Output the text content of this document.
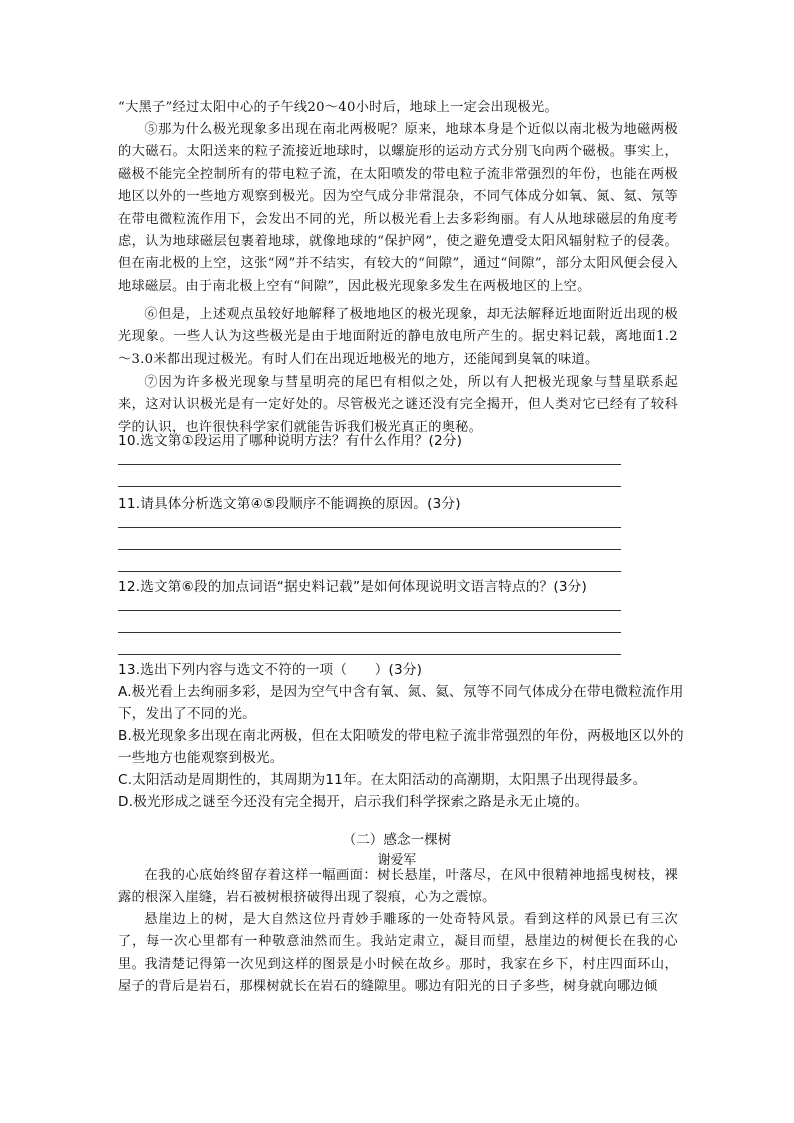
“大黑子”经过太阳中心的子午线20～40小时后，地球上一定会出现极光。

⑤那为什么极光现象多出现在南北两极呢？原来，地球本身是个近似以南北极为地磁两极的大磁石。太阳送来的粒子流接近地球时，以螺旋形的运动方式分别飞向两个磁极。事实上，磁极不能完全控制所有的带电粒子流，在太阳喷发的带电粒子流非常强烈的年份，也能在两极地区以外的一些地方观察到极光。因为空气成分非常混杂，不同气体成分如氧、氮、氦、氖等在带电微粒流作用下，会发出不同的光，所以极光看上去多彩绚丽。有人从地球磁层的角度考虑，认为地球磁层包裹着地球，就像地球的“保护网”，使之避免遭受太阳风辐射粒子的侵袭。但在南北极的上空，这张“网”并不结实，有较大的“间隙”，通过“间隙”，部分太阳风便会侵入地球磁层。由于南北极上空有“间隙”，因此极光现象多发生在两极地区的上空。

⑥但是，上述观点虽较好地解释了极地地区的极光现象，却无法解释近地面附近出现的极光现象。一些人认为这些极光是由于地面附近的静电放电所产生的。据史料记载，离地面1.2～3.0米都出现过极光。有时人们在出现近地极光的地方，还能闻到臭氧的味道。

⑦因为许多极光现象与彗星明亮的尾巴有相似之处，所以有人把极光现象与彗星联系起来，这对认识极光是有一定好处的。尽管极光之谜还没有完全揭开，但人类对它已经有了较科学的认识，也许很快科学家们就能告诉我们极光真正的奥秘。

10.选文第①段运用了哪种说明方法？有什么作用？(2分)

11.请具体分析选文第④⑤段顺序不能调换的原因。(3分)

12.选文第⑥段的加点词语“据史料记载”是如何体现说明文语言特点的？(3分)

13.选出下列内容与选文不符的一项（　　）(3分)

A.极光看上去绚丽多彩，是因为空气中含有氧、氮、氦、氖等不同气体成分在带电微粒流作用下，发出了不同的光。

B.极光现象多出现在南北两极，但在太阳喷发的带电粒子流非常强烈的年份，两极地区以外的一些地方也能观察到极光。

C.太阳活动是周期性的，其周期为11年。在太阳活动的高潮期，太阳黑子出现得最多。

D.极光形成之谜至今还没有完全揭开，启示我们科学探索之路是永无止境的。

（二）感念一棵树

谢爱军

在我的心底始终留存着这样一幅画面：树长悬崖，叶落尽，在风中很精神地摇曳树枝，裸露的根深入崖缝，岩石被树根挤破得出现了裂痕，心为之震惊。

悬崖边上的树，是大自然这位丹青妙手雕琢的一处奇特风景。看到这样的风景已有三次了，每一次心里都有一种敬意油然而生。我站定肃立，凝目而望，悬崖边的树便长在我的心里。 我清楚记得第一次见到这样的图景是小时候在故乡。那时，我家在乡下，村庄四面环山，屋子的背后是岩石，那棵树就长在岩石的缝隙里。哪边有阳光的日子多些，树身就向哪边倾
